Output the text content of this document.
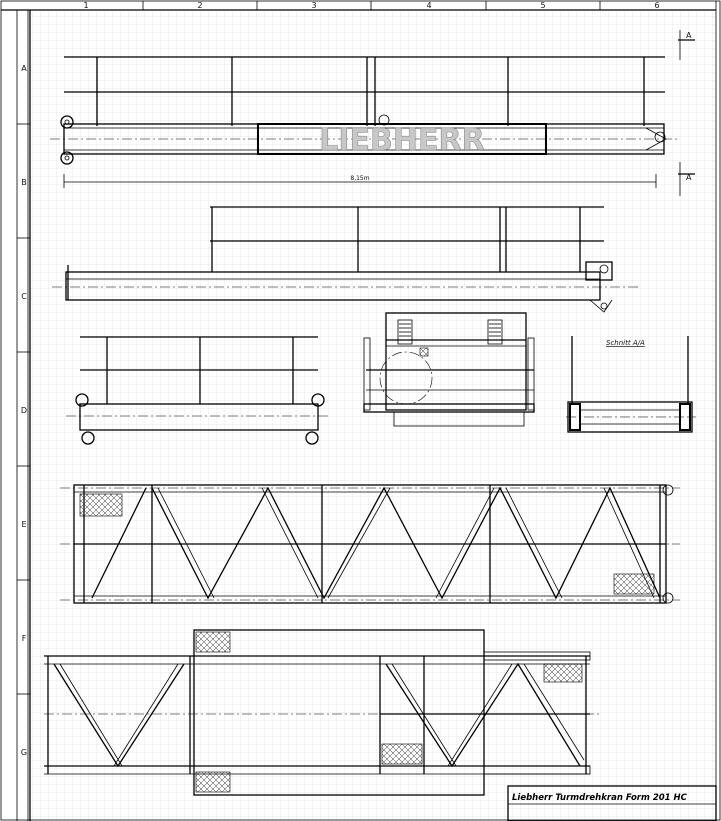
1	2	3	4	5	6
A
B
C
D
E
F
G
LIEBHERR
A
A
8,15m
Schnitt A/A
Liebherr Turmdrehkran Form 201 HC
